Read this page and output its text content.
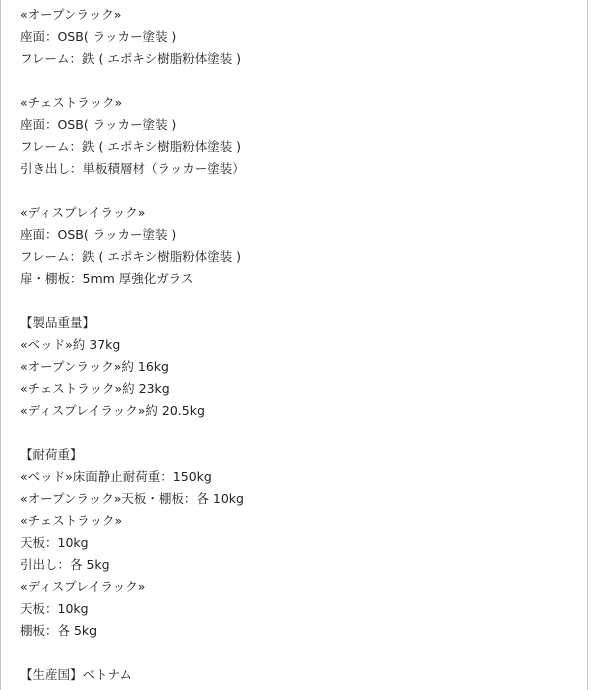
«オープンラック»
座面：OSB( ラッカー塗装 )
フレーム：鉄 ( エポキシ樹脂粉体塗装 )
«チェストラック»
座面：OSB( ラッカー塗装 )
フレーム：鉄 ( エポキシ樹脂粉体塗装 )
引き出し：単板積層材（ラッカー塗装）
«ディスプレイラック»
座面：OSB( ラッカー塗装 )
フレーム：鉄 ( エポキシ樹脂粉体塗装 )
扉・棚板：5mm 厚強化ガラス
【製品重量】
«ベッド»約 37kg
«オープンラック»約 16kg
«チェストラック»約 23kg
«ディスプレイラック»約 20.5kg
【耐荷重】
«ベッド»床面静止耐荷重：150kg
«オープンラック»天板・棚板：各 10kg
«チェストラック»
天板：10kg
引出し：各 5kg
«ディスプレイラック»
天板：10kg
棚板：各 5kg
【生産国】ベトナム
